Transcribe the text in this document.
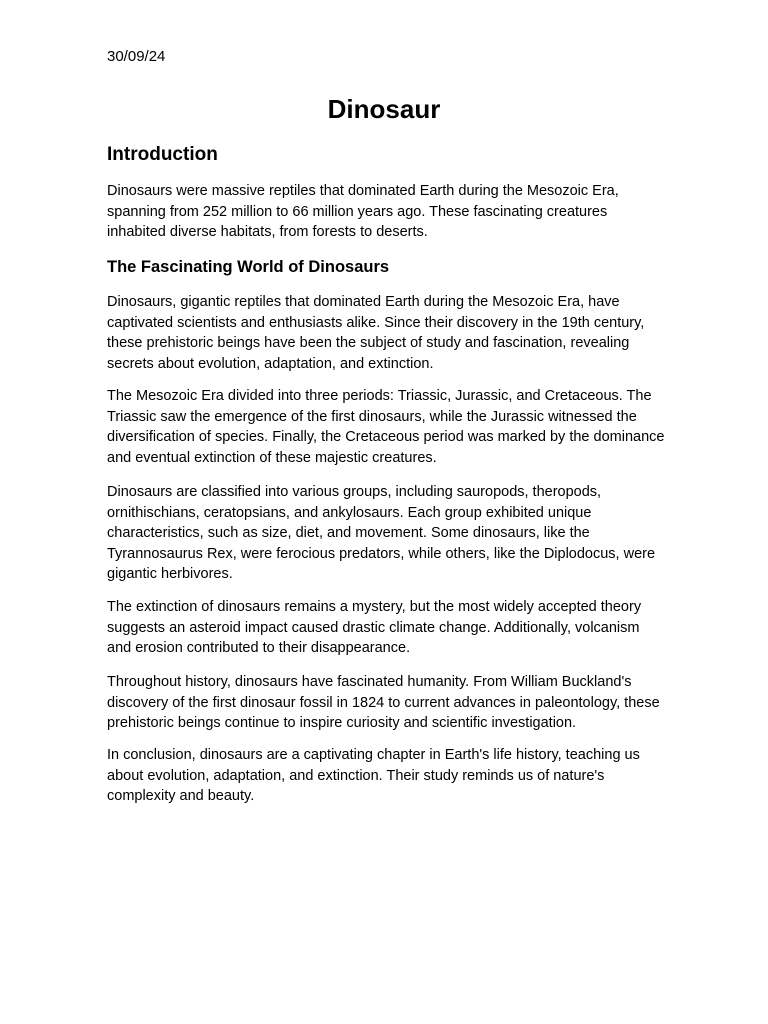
30/09/24
Dinosaur
Introduction

Dinosaurs were massive reptiles that dominated Earth during the Mesozoic Era, spanning from 252 million to 66 million years ago. These fascinating creatures inhabited diverse habitats, from forests to deserts.

The Fascinating World of Dinosaurs

Dinosaurs, gigantic reptiles that dominated Earth during the Mesozoic Era, have captivated scientists and enthusiasts alike. Since their discovery in the 19th century, these prehistoric beings have been the subject of study and fascination, revealing secrets about evolution, adaptation, and extinction.

The Mesozoic Era divided into three periods: Triassic, Jurassic, and Cretaceous. The Triassic saw the emergence of the first dinosaurs, while the Jurassic witnessed the diversification of species. Finally, the Cretaceous period was marked by the dominance and eventual extinction of these majestic creatures.

Dinosaurs are classified into various groups, including sauropods, theropods, ornithischians, ceratopsians, and ankylosaurs. Each group exhibited unique characteristics, such as size, diet, and movement. Some dinosaurs, like the Tyrannosaurus Rex, were ferocious predators, while others, like the Diplodocus, were gigantic herbivores.

The extinction of dinosaurs remains a mystery, but the most widely accepted theory suggests an asteroid impact caused drastic climate change. Additionally, volcanism and erosion contributed to their disappearance.

Throughout history, dinosaurs have fascinated humanity. From William Buckland's discovery of the first dinosaur fossil in 1824 to current advances in paleontology, these prehistoric beings continue to inspire curiosity and scientific investigation.

In conclusion, dinosaurs are a captivating chapter in Earth's life history, teaching us about evolution, adaptation, and extinction. Their study reminds us of nature's complexity and beauty.
